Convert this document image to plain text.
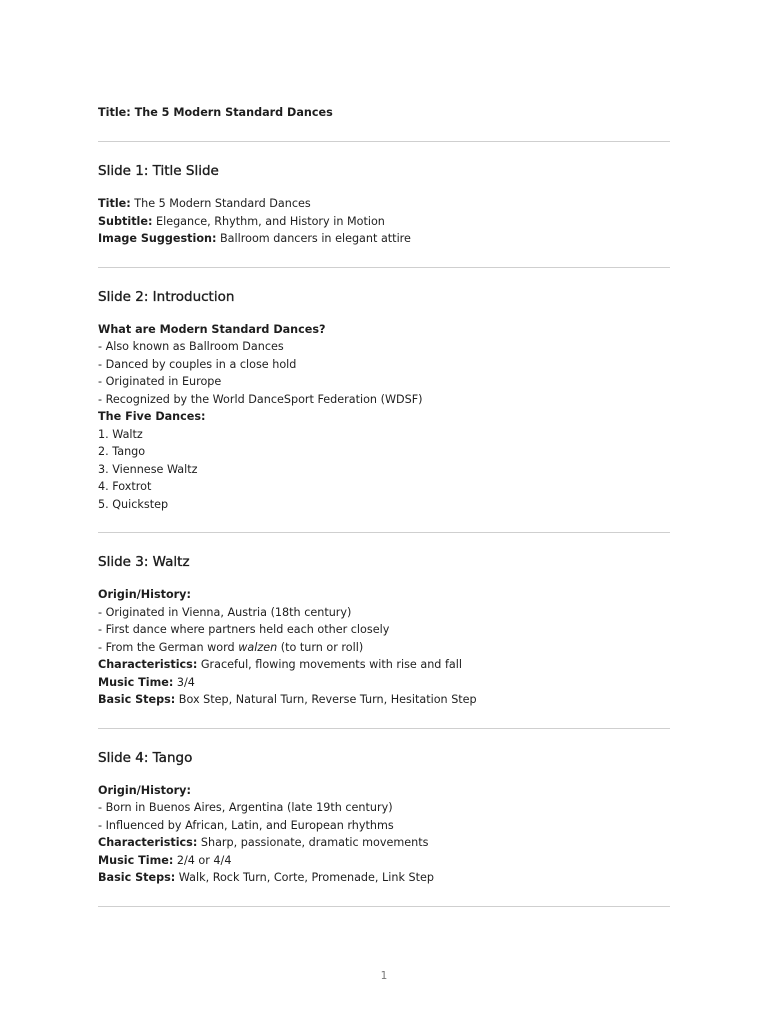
Title: The 5 Modern Standard Dances
Slide 1: Title Slide
Title: The 5 Modern Standard Dances
Subtitle: Elegance, Rhythm, and History in Motion
Image Suggestion: Ballroom dancers in elegant attire
Slide 2: Introduction
What are Modern Standard Dances?
- Also known as Ballroom Dances
- Danced by couples in a close hold
- Originated in Europe
- Recognized by the World DanceSport Federation (WDSF)
The Five Dances:
1. Waltz
2. Tango
3. Viennese Waltz
4. Foxtrot
5. Quickstep
Slide 3: Waltz
Origin/History:
- Originated in Vienna, Austria (18th century)
- First dance where partners held each other closely
- From the German word walzen (to turn or roll)
Characteristics: Graceful, flowing movements with rise and fall
Music Time: 3/4
Basic Steps: Box Step, Natural Turn, Reverse Turn, Hesitation Step
Slide 4: Tango
Origin/History:
- Born in Buenos Aires, Argentina (late 19th century)
- Influenced by African, Latin, and European rhythms
Characteristics: Sharp, passionate, dramatic movements
Music Time: 2/4 or 4/4
Basic Steps: Walk, Rock Turn, Corte, Promenade, Link Step
1
